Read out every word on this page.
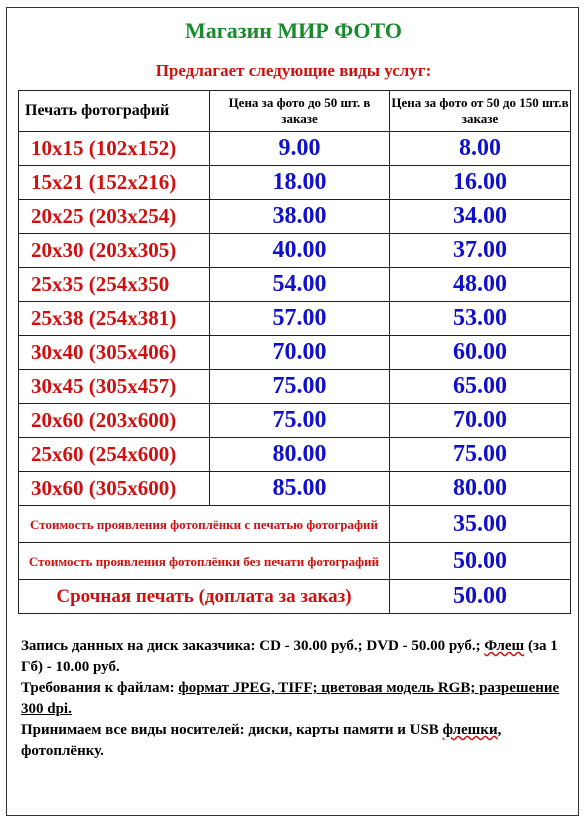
Магазин МИР ФОТО
Предлагает следующие виды услуг:
Печать фотографий	Цена за фото до 50 шт. в заказе	Цена за фото от 50 до 150 шт.в заказе
10x15 (102x152)	9.00	8.00
15x21 (152x216)	18.00	16.00
20x25 (203x254)	38.00	34.00
20x30 (203x305)	40.00	37.00
25x35 (254x350	54.00	48.00
25x38 (254x381)	57.00	53.00
30x40 (305x406)	70.00	60.00
30x45 (305x457)	75.00	65.00
20x60 (203x600)	75.00	70.00
25x60 (254x600)	80.00	75.00
30x60 (305x600)	85.00	80.00
Стоимость проявления фотоплёнки с печатью фотографий		35.00
Стоимость проявления фотоплёнки без печати фотографий		50.00
Срочная печать (доплата за заказ)		50.00
Запись данных на диск заказчика: CD - 30.00 руб.; DVD - 50.00 руб.; Флеш (за 1 Гб) - 10.00 руб.
Требования к файлам: формат JPEG, TIFF; цветовая модель RGB; разрешение 300 dpi.
Принимаем все виды носителей: диски, карты памяти и USB флешки, фотоплёнку.
